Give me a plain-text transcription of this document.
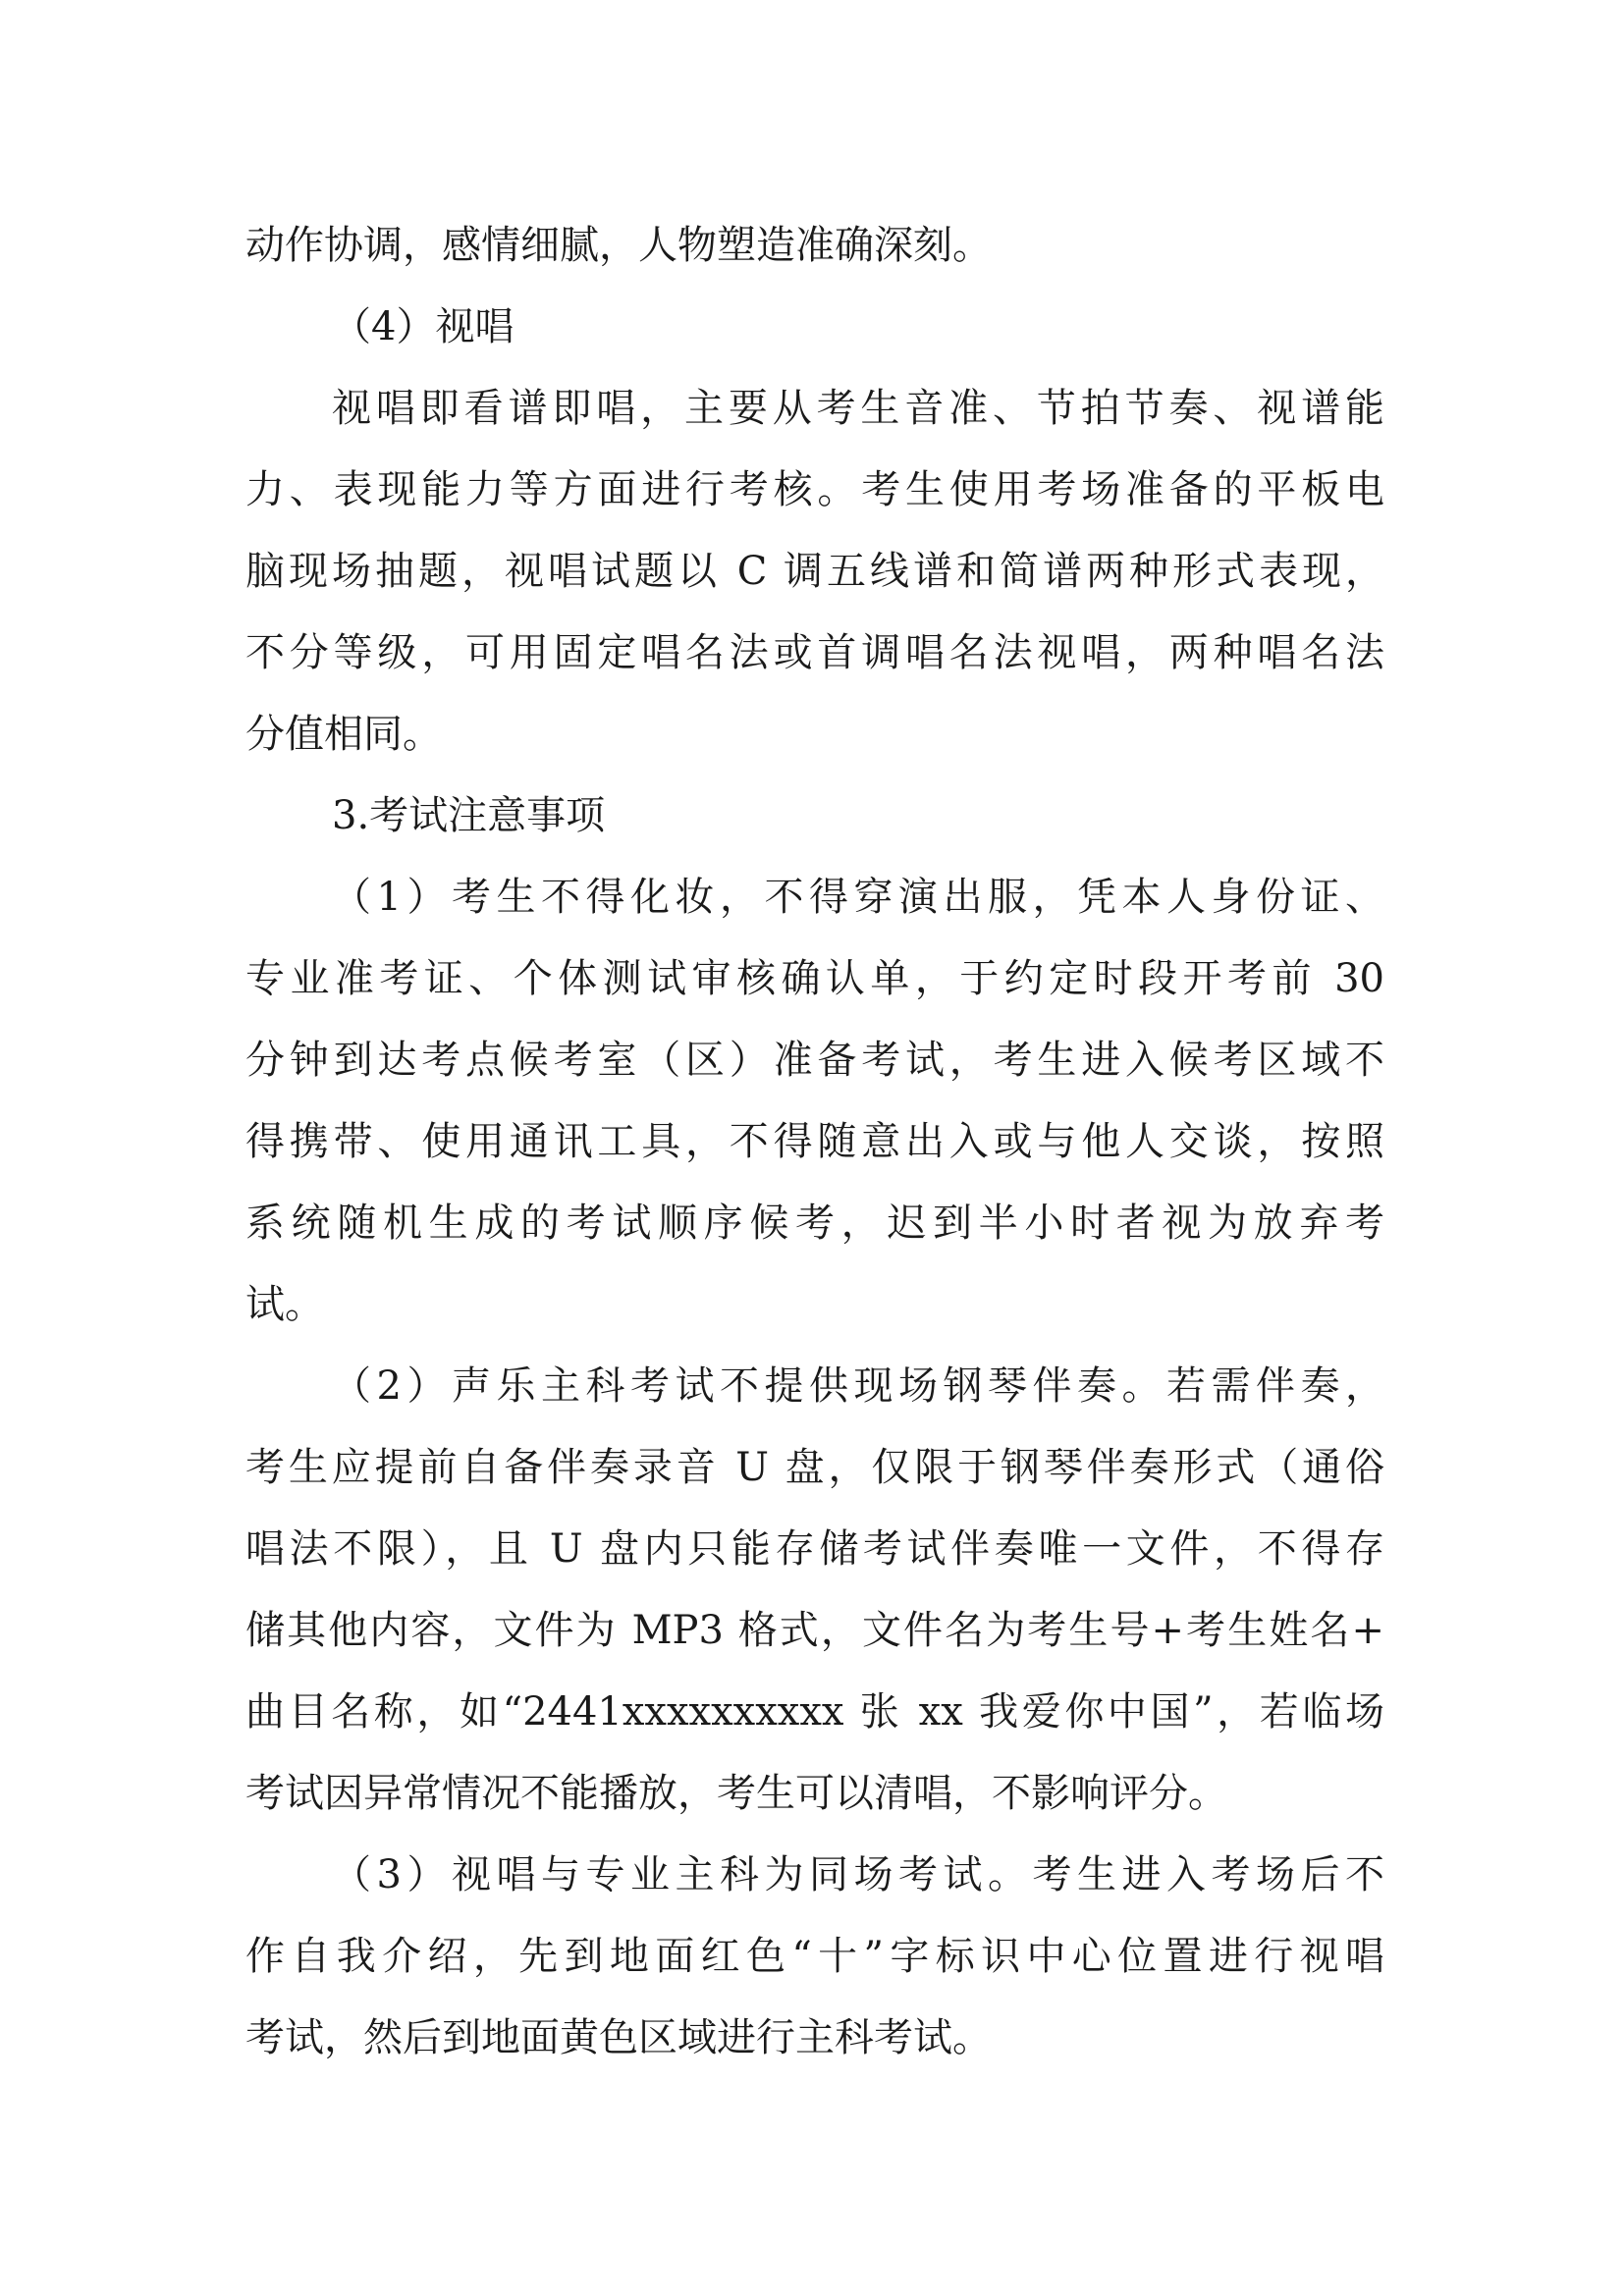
动作协调，感情细腻，人物塑造准确深刻。
（4）视唱
视唱即看谱即唱，主要从考生音准、节拍节奏、视谱能
力、表现能力等方面进行考核。考生使用考场准备的平板电
脑现场抽题，视唱试题以 C 调五线谱和简谱两种形式表现，
不分等级，可用固定唱名法或首调唱名法视唱，两种唱名法
分值相同。
3.考试注意事项
（1）考生不得化妆，不得穿演出服，凭本人身份证、
专业准考证、个体测试审核确认单，于约定时段开考前 30
分钟到达考点候考室（区）准备考试，考生进入候考区域不
得携带、使用通讯工具，不得随意出入或与他人交谈，按照
系统随机生成的考试顺序候考，迟到半小时者视为放弃考
试。
（2）声乐主科考试不提供现场钢琴伴奏。若需伴奏，
考生应提前自备伴奏录音 U 盘，仅限于钢琴伴奏形式（通俗
唱法不限），且 U 盘内只能存储考试伴奏唯一文件，不得存
储其他内容，文件为 MP3 格式，文件名为考生号+考生姓名+
曲目名称，如“2441xxxxxxxxxx 张 xx 我爱你中国”，若临场
考试因异常情况不能播放，考生可以清唱，不影响评分。
（3）视唱与专业主科为同场考试。考生进入考场后不
作自我介绍，先到地面红色“十”字标识中心位置进行视唱
考试，然后到地面黄色区域进行主科考试。
